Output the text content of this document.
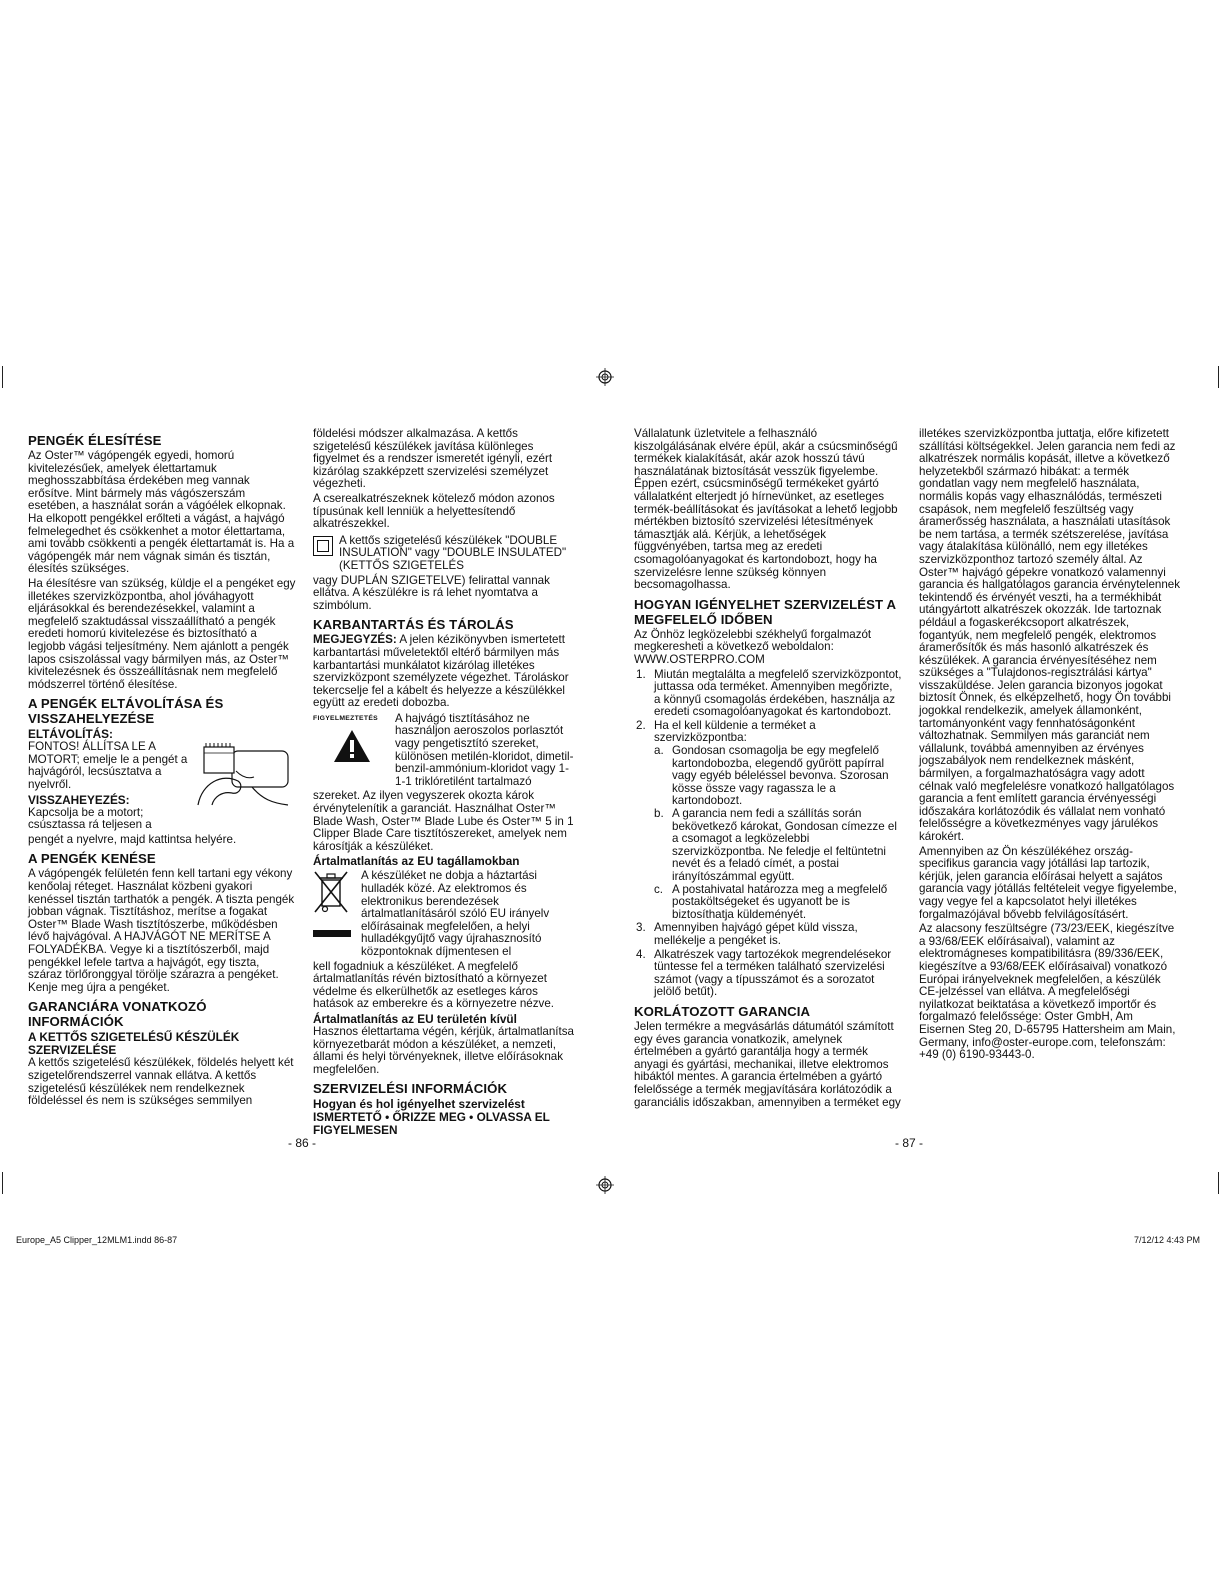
PENGÉK ÉLESÍTÉSE

Az Oster™ vágópengék egyedi, homorú kivitelezésűek, amelyek élettartamuk meghosszabbítása érdekében meg vannak erősítve. Mint bármely más vágószerszám esetében, a használat során a vágóélek elkopnak. Ha elkopott pengékkel erőlteti a vágást, a hajvágó felmelegedhet és csökkenhet a motor élettartama, ami tovább csökkenti a pengék élettartamát is. Ha a vágópengék már nem vágnak simán és tisztán, élesítés szükséges.

Ha élesítésre van szükség, küldje el a pengéket egy illetékes szervizközpontba, ahol jóváhagyott eljárásokkal és berendezésekkel, valamint a megfelelő szaktudással visszaállítható a pengék eredeti homorú kivitelezése és biztosítható a legjobb vágási teljesítmény. Nem ajánlott a pengék lapos csiszolással vagy bármilyen más, az Oster™ kivitelezésnek és összeállításnak nem megfelelő módszerrel történő élesítése.

A PENGÉK ELTÁVOLÍTÁSA ÉS VISSZAHELYEZÉSE
ELTÁVOLÍTÁS:

FONTOS! ÁLLÍTSA LE A MOTORT; emelje le a pengét a hajvágóról, lecsúsztatva a nyelvről.

VISSZAHEYEZÉS:

Kapcsolja be a motort; csúsztassa rá teljesen a

pengét a nyelvre, majd kattintsa helyére.

A PENGÉK KENÉSE

A vágópengék felületén fenn kell tartani egy vékony kenőolaj réteget. Használat közbeni gyakori kenéssel tisztán tarthatók a pengék. A tiszta pengék jobban vágnak. Tisztításhoz, merítse a fogakat Oster™ Blade Wash tisztítószerbe, működésben lévő hajvágóval. A HAJVÁGÓT NE MERÍTSE A FOLYADÉKBA. Vegye ki a tisztítószerből, majd pengékkel lefele tartva a hajvágót, egy tiszta, száraz törlőronggyal törölje szárazra a pengéket. Kenje meg újra a pengéket.

GARANCIÁRA VONATKOZÓ INFORMÁCIÓK
A KETTŐS SZIGETELÉSŰ KÉSZÜLÉK SZERVIZELÉSE

A kettős szigetelésű készülékek, földelés helyett két szigetelőrendszerrel vannak ellátva. A kettős szigetelésű készülékek nem rendelkeznek földeléssel és nem is szükséges semmilyen

földelési módszer alkalmazása. A kettős szigetelésű készülékek javítása különleges figyelmet és a rendszer ismeretét igényli, ezért kizárólag szakképzett szervizelési személyzet végezheti.

A cserealkatrészeknek kötelező módon azonos típusúnak kell lenniük a helyettesítendő alkatrészekkel.

A kettős szigetelésű készülékek "DOUBLE INSULATION" vagy "DOUBLE INSULATED" (KETTŐS SZIGETELÉS

vagy DUPLÁN SZIGETELVE) felirattal vannak ellátva. A készülékre is rá lehet nyomtatva a szimbólum.

KARBANTARTÁS ÉS TÁROLÁS

MEGJEGYZÉS: A jelen kézikönyvben ismertetett karbantartási műveletektől eltérő bármilyen más karbantartási munkálatot kizárólag illetékes szervizközpont személyzete végezhet. Tároláskor tekercselje fel a kábelt és helyezze a készülékkel együtt az eredeti dobozba.

FIGYELMEZTETÉS	A hajvágó tisztításához ne használjon aeroszolos porlasztót vagy pengetisztító szereket, különösen metilén-kloridot, dimetil-benzil-ammónium-kloridot vagy 1-1-1 triklóretilént tartalmazó

szereket. Az ilyen vegyszerek okozta károk érvénytelenítik a garanciát. Használhat Oster™ Blade Wash, Oster™ Blade Lube és Oster™ 5 in 1 Clipper Blade Care tisztítószereket, amelyek nem károsítják a készüléket.

Ártalmatlanítás az EU tagállamokban

A készüléket ne dobja a háztartási hulladék közé. Az elektromos és elektronikus berendezések ártalmatlanításáról szóló EU irányelv előírásainak megfelelően, a helyi hulladékgyűjtő vagy újrahasznosító központoknak díjmentesen el

kell fogadniuk a készüléket. A megfelelő ártalmatlanítás révén biztosítható a környezet védelme és elkerülhetők az esetleges káros hatások az emberekre és a környezetre nézve.

Ártalmatlanítás az EU területén kívül

Hasznos élettartama végén, kérjük, ártalmatlanítsa környezetbarát módon a készüléket, a nemzeti, állami és helyi törvényeknek, illetve előírásoknak megfelelően.

SZERVIZELÉSI INFORMÁCIÓK
Hogyan és hol igényelhet szervizelést
ISMERTETŐ • ŐRIZZE MEG • OLVASSA EL FIGYELMESEN

Vállalatunk üzletvitele a felhasználó kiszolgálásának elvére épül, akár a csúcsminőségű termékek kialakítását, akár azok hosszú távú használatának biztosítását vesszük figyelembe. Éppen ezért, csúcsminőségű termékeket gyártó vállalatként elterjedt jó hírnevünket, az esetleges termék-beállításokat és javításokat a lehető legjobb mértékben biztosító szervizelési létesítmények támasztják alá. Kérjük, a lehetőségek függvényében, tartsa meg az eredeti csomagolóanyagokat és kartondobozt, hogy ha szervizelésre lenne szükség könnyen becsomagolhassa.

HOGYAN IGÉNYELHET SZERVIZELÉST A MEGFELELŐ IDŐBEN

Az Önhöz legközelebbi székhelyű forgalmazót megkeresheti a következő weboldalon: WWW.OSTERPRO.COM

1. Miután megtalálta a megfelelő szervizközpontot, juttassa oda terméket. Amennyiben megőrizte, a könnyű csomagolás érdekében, használja az eredeti csomagolóanyagokat és kartondobozt.
2. Ha el kell küldenie a terméket a szervizközpontba:
a. Gondosan csomagolja be egy megfelelő kartondobozba, elegendő gyűrött papírral vagy egyéb béleléssel bevonva. Szorosan kösse össze vagy ragassza le a kartondobozt.
b. A garancia nem fedi a szállítás során bekövetkező károkat, Gondosan címezze el a csomagot a legközelebbi szervizközpontba. Ne feledje el feltüntetni nevét és a feladó címét, a postai irányítószámmal együtt.
c. A postahivatal határozza meg a megfelelő postaköltségeket és ugyanott be is biztosíthatja küldeményét.
3. Amennyiben hajvágó gépet küld vissza, mellékelje a pengéket is.
4. Alkatrészek vagy tartozékok megrendelésekor tüntesse fel a terméken található szervizelési számot (vagy a típusszámot és a sorozatot jelölő betűt).
KORLÁTOZOTT GARANCIA

Jelen termékre a megvásárlás dátumától számított egy éves garancia vonatkozik, amelynek értelmében a gyártó garantálja hogy a termék anyagi és gyártási, mechanikai, illetve elektromos hibáktól mentes. A garancia értelmében a gyártó felelőssége a termék megjavítására korlátozódik a garanciális időszakban, amennyiben a terméket egy

illetékes szervizközpontba juttatja, előre kifizetett szállítási költségekkel. Jelen garancia nem fedi az alkatrészek normális kopását, illetve a következő helyzetekből származó hibákat: a termék gondatlan vagy nem megfelelő használata, normális kopás vagy elhasználódás, természeti csapások, nem megfelelő feszültség vagy áramerősség használata, a használati utasítások be nem tartása, a termék szétszerelése, javítása vagy átalakítása különálló, nem egy illetékes szervizközponthoz tartozó személy által. Az Oster™ hajvágó gépekre vonatkozó valamennyi garancia és hallgatólagos garancia érvénytelennek tekintendő és érvényét veszti, ha a termékhibát utángyártott alkatrészek okozzák. Ide tartoznak például a fogaskerékcsoport alkatrészek, fogantyúk, nem megfelelő pengék, elektromos áramerősítők és más hasonló alkatrészek és készülékek. A garancia érvényesítéséhez nem szükséges a "Tulajdonos-regisztrálási kártya" visszaküldése. Jelen garancia bizonyos jogokat biztosít Önnek, és elképzelhető, hogy Ön további jogokkal rendelkezik, amelyek államonként, tartományonként vagy fennhatóságonként változhatnak. Semmilyen más garanciát nem vállalunk, továbbá amennyiben az érvényes jogszabályok nem rendelkeznek másként, bármilyen, a forgalmazhatóságra vagy adott célnak való megfelelésre vonatkozó hallgatólagos garancia a fent említett garancia érvényességi időszakára korlátozódik és vállalat nem vonható felelősségre a következményes vagy járulékos károkért.

Amennyiben az Ön készülékéhez ország-specifikus garancia vagy jótállási lap tartozik, kérjük, jelen garancia előírásai helyett a sajátos garancia vagy jótállás feltételeit vegye figyelembe, vagy vegye fel a kapcsolatot helyi illetékes forgalmazójával bővebb felvilágosításért.

Az alacsony feszültségre (73/23/EEK, kiegészítve a 93/68/EEK előírásaival), valamint az elektromágneses kompatibilitásra (89/336/EEK, kiegészítve a 93/68/EEK előírásaival) vonatkozó Európai irányelveknek megfelelően, a készülék CE-jelzéssel van ellátva. A megfelelőségi nyilatkozat beiktatása a következő importőr és forgalmazó felelőssége: Oster GmbH, Am Eisernen Steg 20, D-65795 Hattersheim am Main, Germany, info@oster-europe.com, telefonszám: +49 (0) 6190-93443-0.

- 86 -	- 87 -
Europe_A5 Clipper_12MLM1.indd 86-87	7/12/12 4:43 PM
